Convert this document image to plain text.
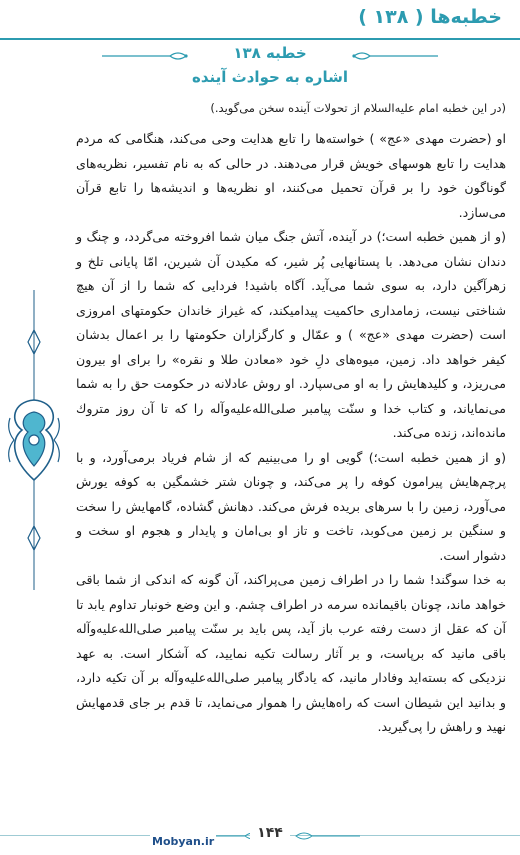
خطبه‌ها ( ۱۳۸ )
خطبه ۱۳۸
اشاره به حوادث آینده
(در این خطبه امام علیه‌السلام از تحولات آینده سخن می‌گوید.)

او (حضرت مهدی «عج» ) خواسته‌ها را تابع هدایت وحی می‌کند، هنگامی که مردم هدایت را تابع هوسهای خویش قرار می‌دهند. در حالی که به نام تفسیر، نظریه‌های گوناگون خود را بر قرآن تحمیل می‌کنند، او نظریه‌ها و اندیشه‌ها را تابع قرآن می‌سازد.

(و از همین خطبه است؛) در آینده، آتش جنگ میان شما افروخته می‌گردد، و چنگ و دندان نشان می‌دهد. با پستانهایی پُر شیر، که مکیدن آن شیرین، امّا پایانی تلخ و زهرآگین دارد، به سوی شما می‌آید. آگاه باشید! فردایی که شما را از آن هیچ شناختی نیست، زمامداری حاکمیت پیدامیکند، که غیراز خاندان حکومتهای امروزی است (حضرت مهدی «عج» ) و عمّال و کارگزاران حکومتها را بر اعمال بدشان کیفر خواهد داد. زمین، میوه‌های دلِ خود «معادن طلا و نقره» را برای او بیرون می‌ریزد، و کلیدهایش را به او می‌سپارد. او روش عادلانه در حکومت حق را به شما می‌نمایاند، و کتاب خدا و سنّت پیامبر صلی‌الله‌علیه‌وآله را که تا آن روز متروك مانده‌اند، زنده می‌کند.

(و از همین خطبه است؛) گویی او را می‌بینیم که از شام فریاد برمی‌آورد، و با پرچم‌هایش پیرامون کوفه را پر می‌کند، و چونان شتر خشمگین به کوفه یورش می‌آورد، زمین را با سرهای بریده فرش می‌کند. دهانش گشاده، گامهایش را سخت و سنگین بر زمین می‌کوبد، تاخت و تاز او بی‌امان و پایدار و هجوم او سخت و دشوار است.

به خدا سوگند! شما را در اطراف زمین می‌پراکند، آن گونه که اندکی از شما باقی خواهد ماند، چونان باقیمانده سرمه در اطراف چشم. و این وضع خونبار تداوم یابد تا آن که عقل از دست رفته عرب باز آید، پس باید بر سنّت پیامبر صلی‌الله‌علیه‌وآله باقی مانید که برپاست، و بر آثار رسالت تکیه نمایید، که آشکار است. به عهد نزدیکی که بسته‌اید وفادار مانید، که یادگار پیامبر صلی‌الله‌علیه‌وآله بر آن تکیه دارد، و بدانید این شیطان است که راه‌هایش را هموار می‌نماید، تا قدم بر جای قدمهایش نهید و راهش را پی‌گیرید.

Mobyan.ir
۱۴۴
